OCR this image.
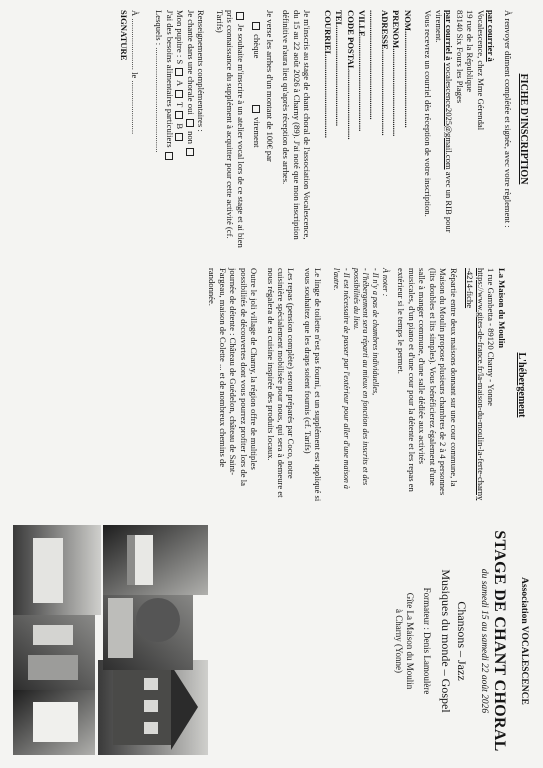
FICHE D'INSCRIPTION

À renvoyer dûment complétée et signée, avec votre règlement :

par courrier à
Vocalescence, chez Mme Gérendal
19 rue de la République
83140 Six Fours les Plages
par courriel à vocalescence2025@gmail.com avec un RIB pour virement.
Vous recevrez un courriel dès réception de votre inscription.
NOM.............................................
PRENOM.........................................
ADRESSE........................................
...................................................
VILLE............................................
CODE POSTAL................................
TEL..............................................
COURRIEL......................................

Je m'inscris au stage de chant choral de l'association Vocalescence, du 15 au 22 août 2026 à Charny (89). J'ai noté que mon inscription définitive n'aura lieu qu'après réception des arrhes.

Je verse les arrhes d'un montant de 100€ par
chèque   virement

Je souhaite m'inscrire à un atelier vocal lors de ce stage et ai bien pris connaissance du supplément à acquitter pour cette activité (cf. Tarifs)

Renseignements complémentaires :
Je chante dans une chorale oui  non
Mon pupitre : S  A  T  B
J'ai des besoins alimentaires particuliers
Lesquels : .................................................
À ........................ le .........................
SIGNATURE
L'hébergement
La Maison du Moulin
1 rue Gambetta - 89120 Charny - Yonne
https://www.gites-de-france.fr/la-maison-du-moulin-la-ferte-charny-4214-fiche

Répartie entre deux maisons donnant sur une cour commune, la Maison du Moulin propose plusieurs chambres de 2 à 4 personnes (lits doubles et lits simples). Vous bénéficierez également d'une salle à manger commune, d'une salle dédiée aux activités musicales, d'un piano et d'une cour pour la détente et les repas en extérieur si le temps le permet.

À noter :
- Il n'y a pas de chambres individuelles,
- l'hébergement sera réparti au mieux en fonction des inscrits et des possibilités du lieu.
- Il est nécessaire de passer par l'extérieur pour aller d'une maison à l'autre.

Le linge de toilette n'est pas fourni, et un supplément est appliqué si vous souhaitez que les draps soient fournis (cf. Tarifs)

Les repas (pension complète) seront préparés par Coco, notre cuisinière spécialement mobilisée pour nous, qui sera à demeure et nous régalera de sa cuisine inspirée des produits locaux.

Outre le joli village de Charny, la région offre de multiples possibilités de découvertes dont vous pourrez profiter lors de la journée de détente : Château de Guédelon, château de Saint-Fargeau, maison de Colette ... et de nombreux chemins de randonnée.

Association VOCALESCENCE
STAGE DE CHANT CHORAL
du samedi 15 au samedi 22 août 2026
Chansons – Jazz
Musiques du monde – Gospel
Formateur : Denis Lamoulère
Gîte La Maison du Moulin
à Charny (Yonne)
